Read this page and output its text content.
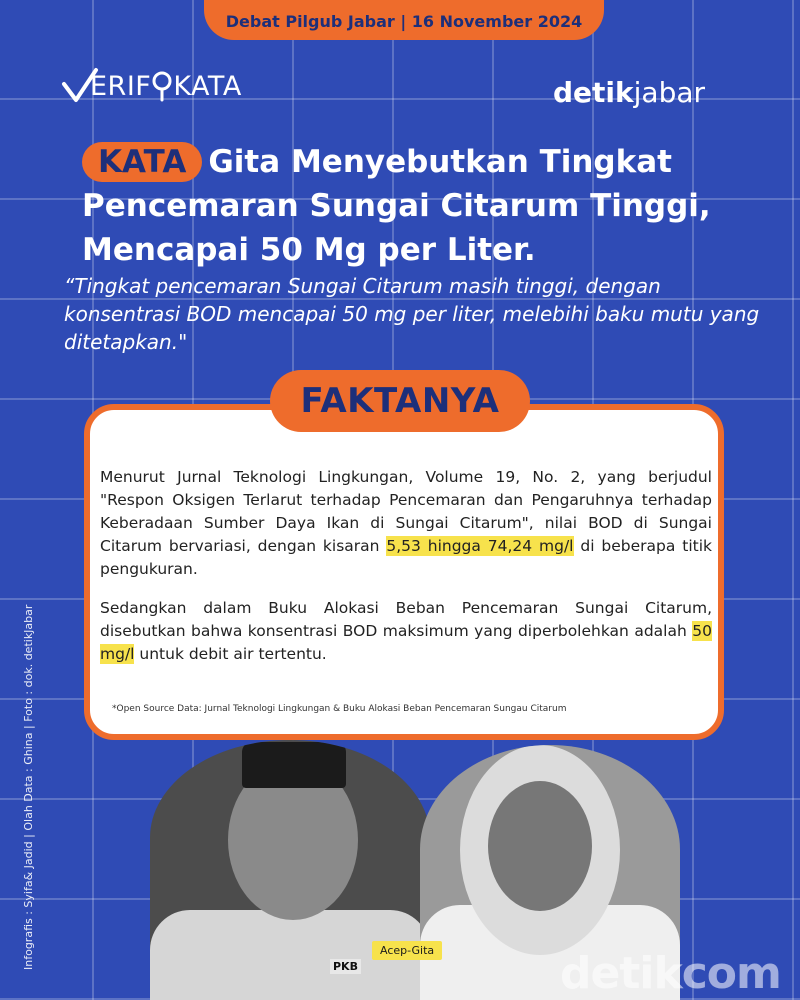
Debat Pilgub Jabar | 16 November 2024
ERIF KATA	detikjabar
KATA Gita Menyebutkan Tingkat Pencemaran Sungai Citarum Tinggi, Mencapai 50 Mg per Liter.
“Tingkat pencemaran Sungai Citarum masih tinggi, dengan konsentrasi BOD mencapai 50 mg per liter, melebihi baku mutu yang ditetapkan."
FAKTANYA

Menurut Jurnal Teknologi Lingkungan, Volume 19, No. 2, yang berjudul "Respon Oksigen Terlarut terhadap Pencemaran dan Pengaruhnya terhadap Keberadaan Sumber Daya Ikan di Sungai Citarum", nilai BOD di Sungai Citarum bervariasi, dengan kisaran 5,53 hingga 74,24 mg/l di beberapa titik pengukuran.

Sedangkan dalam Buku Alokasi Beban Pencemaran Sungai Citarum, disebutkan bahwa konsentrasi BOD maksimum yang diperbolehkan adalah 50 mg/l untuk debit air tertentu.

*Open Source Data: Jurnal Teknologi Lingkungan & Buku Alokasi Beban Pencemaran Sungau Citarum
Infografis : Syifa& Jadid | Olah Data : Ghina | Foto : dok. detikJabar	PKB
Acep-Gita	detikcom
